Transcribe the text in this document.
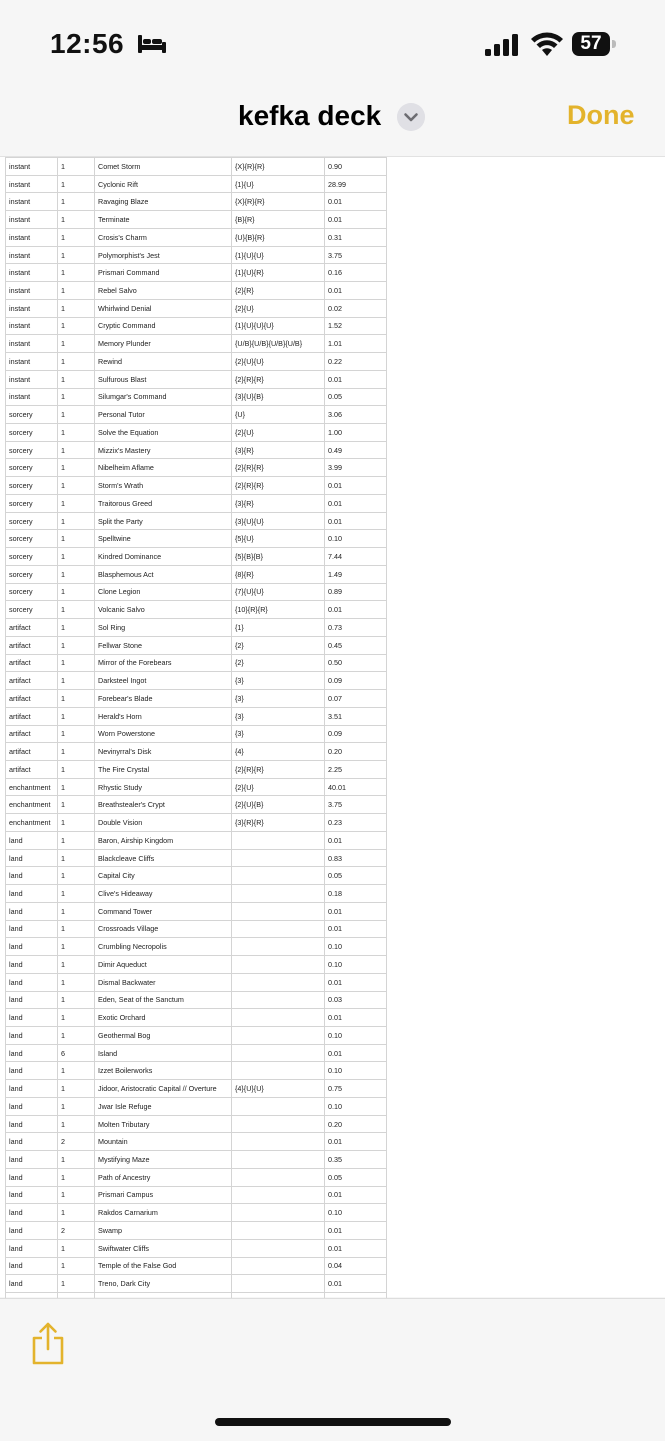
12:56	57
kefka deck	Done
instant	1	Comet Storm	{X}{R}{R}	0.90
instant	1	Cyclonic Rift	{1}{U}	28.99
instant	1	Ravaging Blaze	{X}{R}{R}	0.01
instant	1	Terminate	{B}{R}	0.01
instant	1	Crosis's Charm	{U}{B}{R}	0.31
instant	1	Polymorphist's Jest	{1}{U}{U}	3.75
instant	1	Prismari Command	{1}{U}{R}	0.16
instant	1	Rebel Salvo	{2}{R}	0.01
instant	1	Whirlwind Denial	{2}{U}	0.02
instant	1	Cryptic Command	{1}{U}{U}{U}	1.52
instant	1	Memory Plunder	{U/B}{U/B}{U/B}{U/B}	1.01
instant	1	Rewind	{2}{U}{U}	0.22
instant	1	Sulfurous Blast	{2}{R}{R}	0.01
instant	1	Silumgar's Command	{3}{U}{B}	0.05
sorcery	1	Personal Tutor	{U}	3.06
sorcery	1	Solve the Equation	{2}{U}	1.00
sorcery	1	Mizzix's Mastery	{3}{R}	0.49
sorcery	1	Nibelheim Aflame	{2}{R}{R}	3.99
sorcery	1	Storm's Wrath	{2}{R}{R}	0.01
sorcery	1	Traitorous Greed	{3}{R}	0.01
sorcery	1	Split the Party	{3}{U}{U}	0.01
sorcery	1	Spelltwine	{5}{U}	0.10
sorcery	1	Kindred Dominance	{5}{B}{B}	7.44
sorcery	1	Blasphemous Act	{8}{R}	1.49
sorcery	1	Clone Legion	{7}{U}{U}	0.89
sorcery	1	Volcanic Salvo	{10}{R}{R}	0.01
artifact	1	Sol Ring	{1}	0.73
artifact	1	Fellwar Stone	{2}	0.45
artifact	1	Mirror of the Forebears	{2}	0.50
artifact	1	Darksteel Ingot	{3}	0.09
artifact	1	Forebear's Blade	{3}	0.07
artifact	1	Herald's Horn	{3}	3.51
artifact	1	Worn Powerstone	{3}	0.09
artifact	1	Nevinyrral's Disk	{4}	0.20
artifact	1	The Fire Crystal	{2}{R}{R}	2.25
enchantment	1	Rhystic Study	{2}{U}	40.01
enchantment	1	Breathstealer's Crypt	{2}{U}{B}	3.75
enchantment	1	Double Vision	{3}{R}{R}	0.23
land	1	Baron, Airship Kingdom		0.01
land	1	Blackcleave Cliffs		0.83
land	1	Capital City		0.05
land	1	Clive's Hideaway		0.18
land	1	Command Tower		0.01
land	1	Crossroads Village		0.01
land	1	Crumbling Necropolis		0.10
land	1	Dimir Aqueduct		0.10
land	1	Dismal Backwater		0.01
land	1	Eden, Seat of the Sanctum		0.03
land	1	Exotic Orchard		0.01
land	1	Geothermal Bog		0.10
land	6	Island		0.01
land	1	Izzet Boilerworks		0.10
land	1	Jidoor, Aristocratic Capital // Overture	{4}{U}{U}	0.75
land	1	Jwar Isle Refuge		0.10
land	1	Molten Tributary		0.20
land	2	Mountain		0.01
land	1	Mystifying Maze		0.35
land	1	Path of Ancestry		0.05
land	1	Prismari Campus		0.01
land	1	Rakdos Carnarium		0.10
land	2	Swamp		0.01
land	1	Swiftwater Cliffs		0.01
land	1	Temple of the False God		0.04
land	1	Treno, Dark City		0.01
